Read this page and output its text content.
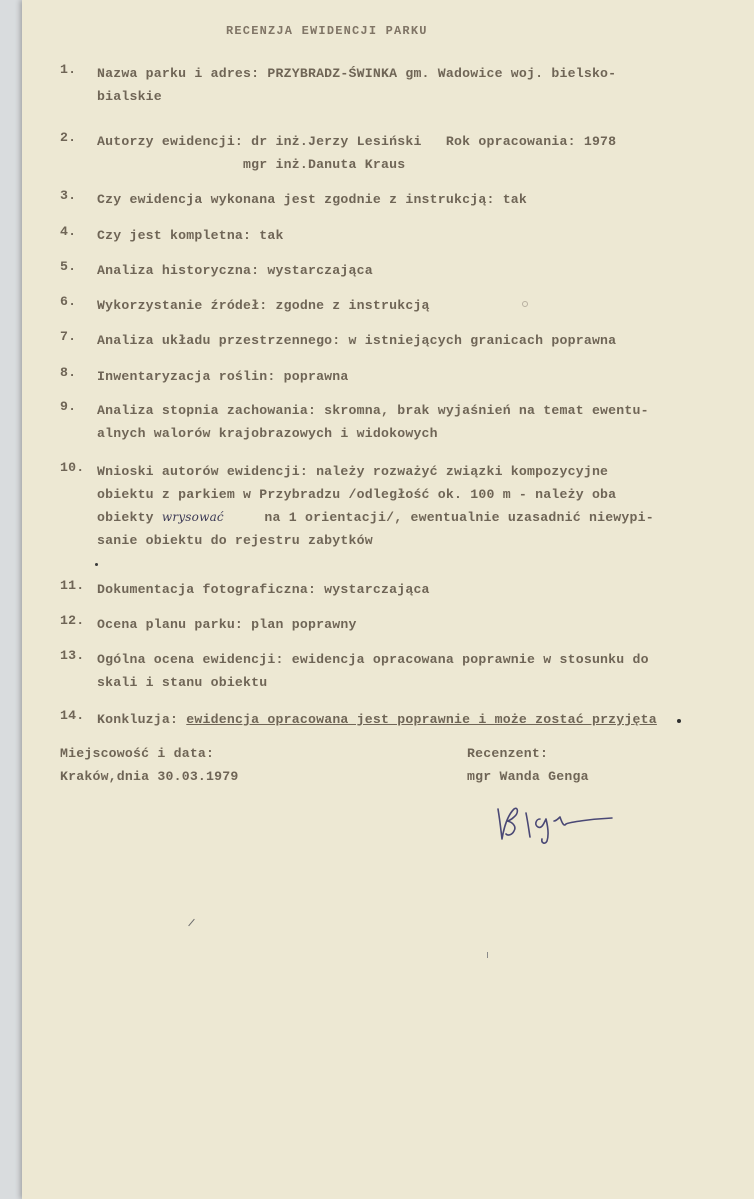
RECENZJA EWIDENCJI PARKU
1.	Nazwa parku i adres: PRZYBRADZ-ŚWINKA gm. Wadowice woj. bielsko-
bialskie
2.	Autorzy ewidencji: dr inż.Jerzy Lesiński   Rok opracowania: 1978
mgr inż.Danuta Kraus
3.	Czy ewidencja wykonana jest zgodnie z instrukcją: tak
4.	Czy jest kompletna: tak
5.	Analiza historyczna: wystarczająca
6.	Wykorzystanie źródeł: zgodne z instrukcją
7.	Analiza układu przestrzennego: w istniejących granicach poprawna
8.	Inwentaryzacja roślin: poprawna
9.	Analiza stopnia zachowania: skromna, brak wyjaśnień na temat ewentu-
alnych walorów krajobrazowych i widokowych
10. Wnioski autorów ewidencji: należy rozważyć związki kompozycyjne
obiektu z parkiem w Przybradzu /odległość ok. 100 m - należy oba
obiekty wrysować     na 1 orientacji/, ewentualnie uzasadnić niewypi-
sanie obiektu do rejestru zabytków
11. Dokumentacja fotograficzna: wystarczająca
12. Ocena planu parku: plan poprawny
13. Ogólna ocena ewidencji: ewidencja opracowana poprawnie w stosunku do
skali i stanu obiektu
14. Konkluzja: ewidencja opracowana jest poprawnie i może zostać przyjęta
Miejscowość i data:
Kraków,dnia 30.03.1979
Recenzent:
mgr Wanda Genga
